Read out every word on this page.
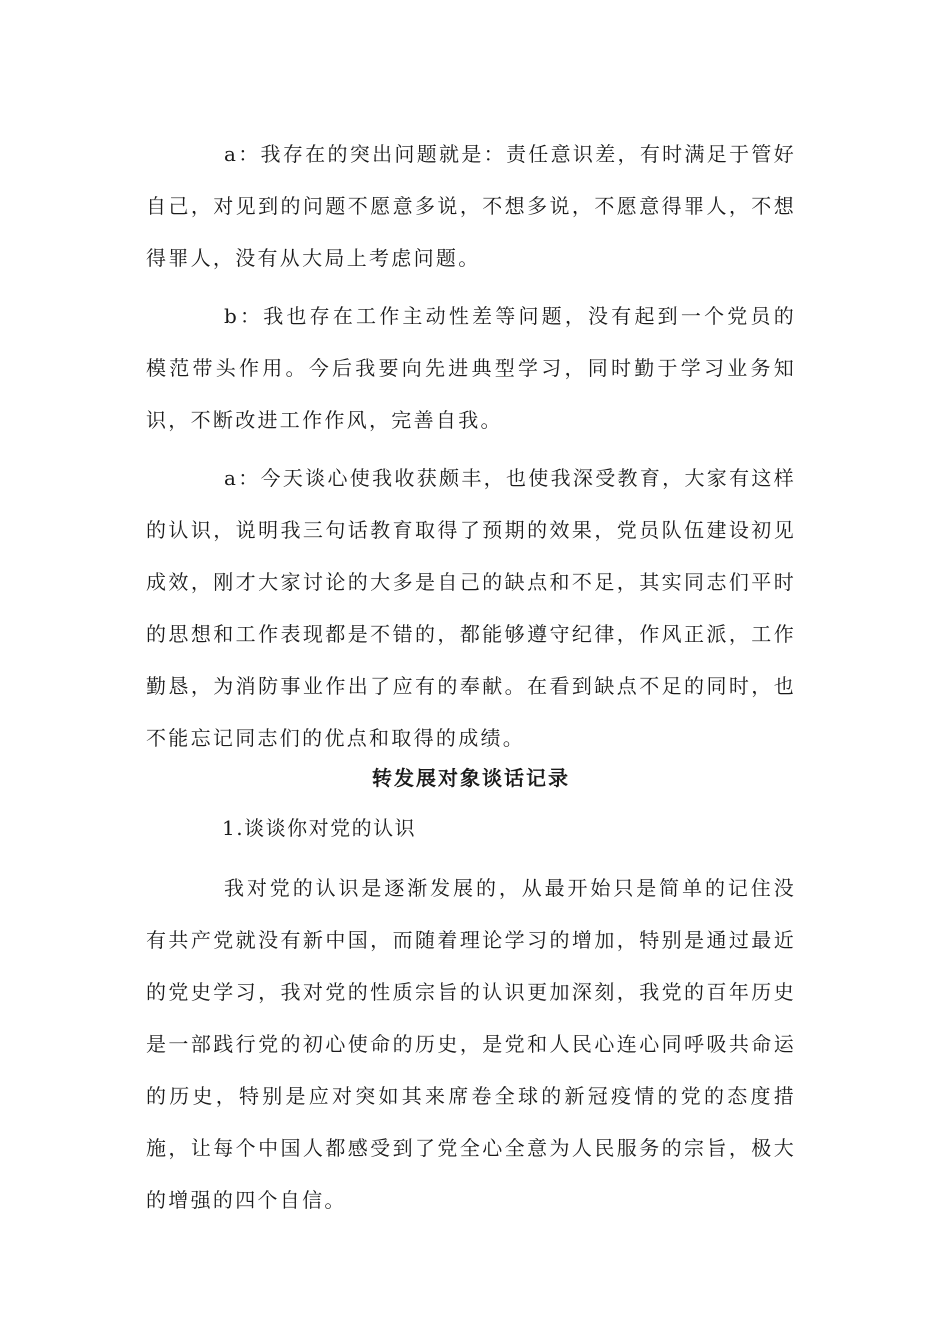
a：我存在的突出问题就是：责任意识差，有时满足于管好自己，对见到的问题不愿意多说，不想多说，不愿意得罪人，不想得罪人，没有从大局上考虑问题。

b：我也存在工作主动性差等问题，没有起到一个党员的模范带头作用。今后我要向先进典型学习，同时勤于学习业务知识，不断改进工作作风，完善自我。

a：今天谈心使我收获颇丰，也使我深受教育，大家有这样的认识，说明我三句话教育取得了预期的效果，党员队伍建设初见成效，刚才大家讨论的大多是自己的缺点和不足，其实同志们平时的思想和工作表现都是不错的，都能够遵守纪律，作风正派，工作勤恳，为消防事业作出了应有的奉献。在看到缺点不足的同时，也不能忘记同志们的优点和取得的成绩。

转发展对象谈话记录
1.谈谈你对党的认识

我对党的认识是逐渐发展的，从最开始只是简单的记住没有共产党就没有新中国，而随着理论学习的增加，特别是通过最近的党史学习，我对党的性质宗旨的认识更加深刻，我党的百年历史是一部践行党的初心使命的历史，是党和人民心连心同呼吸共命运的历史，特别是应对突如其来席卷全球的新冠疫情的党的态度措施，让每个中国人都感受到了党全心全意为人民服务的宗旨，极大的增强的四个自信。
